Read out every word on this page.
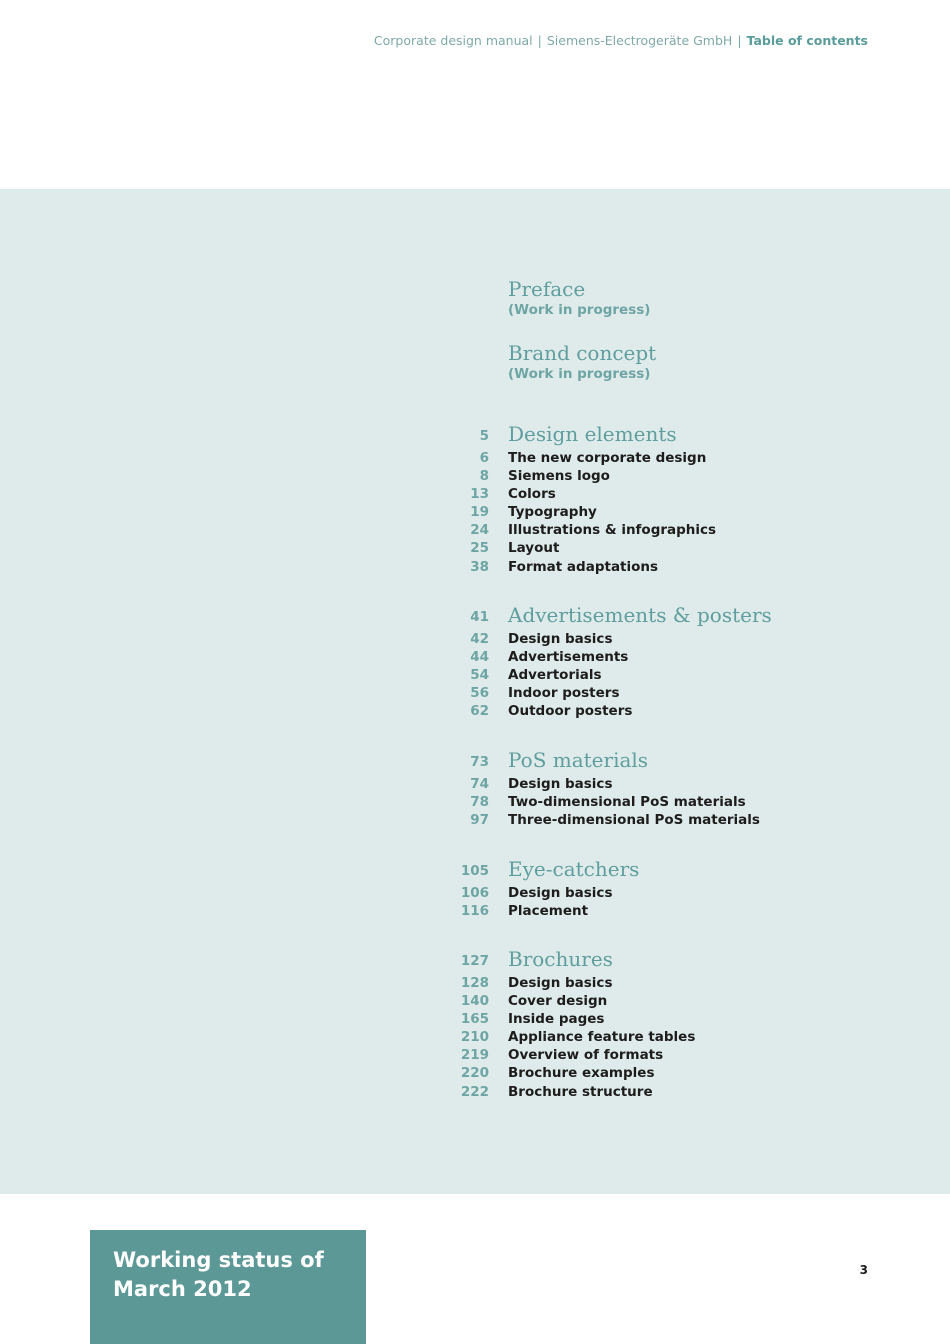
Corporate design manual | Siemens-Electrogeräte GmbH | Table of contents
Preface
(Work in progress)
Brand concept
(Work in progress)
5 Design elements
6 The new corporate design
8 Siemens logo
13 Colors
19 Typography
24 Illustrations & infographics
25 Layout
38 Format adaptations
41 Advertisements & posters
42 Design basics
44 Advertisements
54 Advertorials
56 Indoor posters
62 Outdoor posters
73 PoS materials
74 Design basics
78 Two-dimensional PoS materials
97 Three-dimensional PoS materials
105 Eye-catchers
106 Design basics
116 Placement
127 Brochures
128 Design basics
140 Cover design
165 Inside pages
210 Appliance feature tables
219 Overview of formats
220 Brochure examples
222 Brochure structure
Working status of
March 2012
3
